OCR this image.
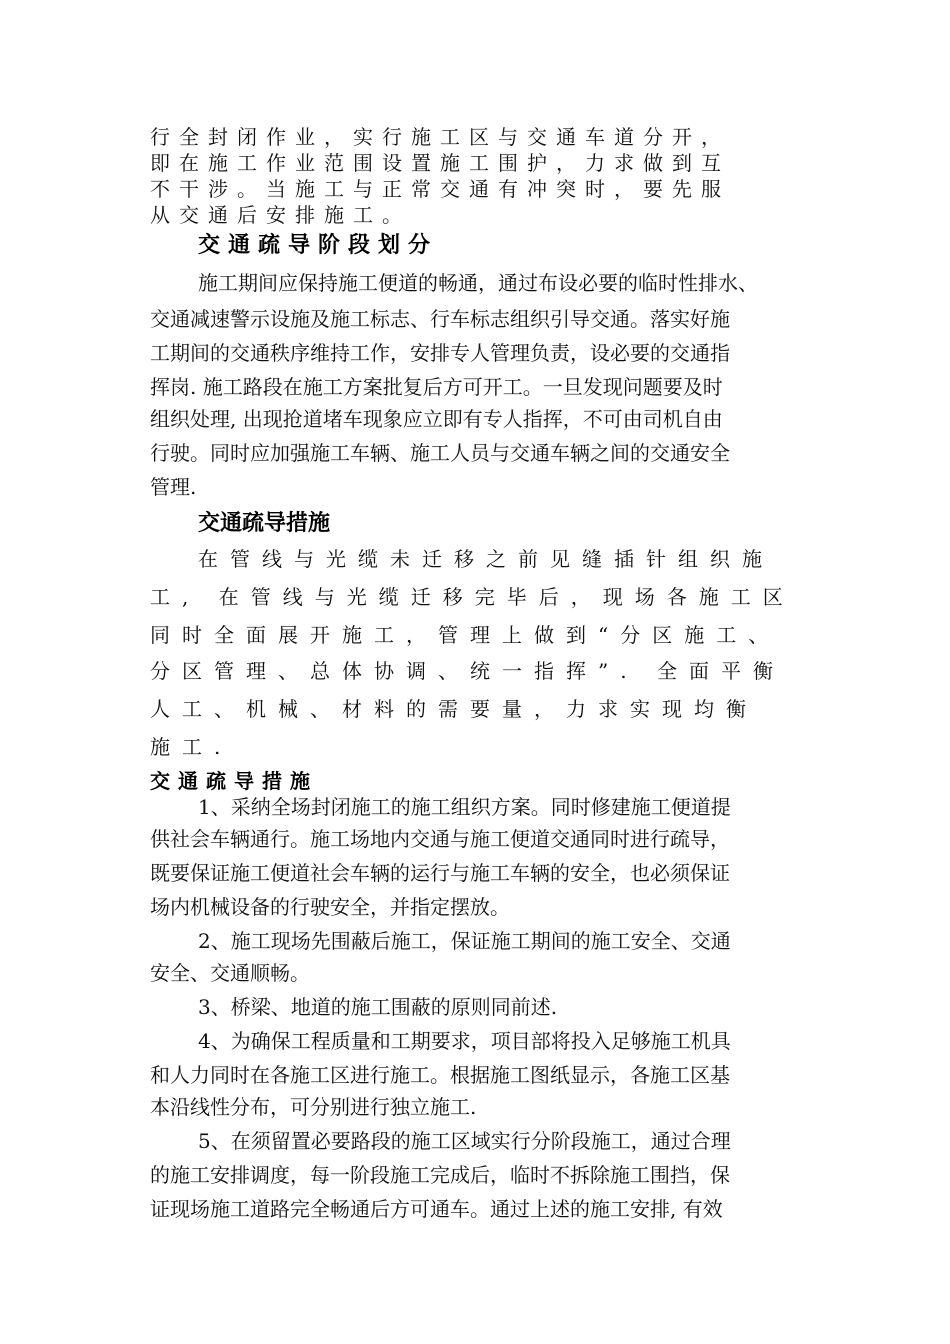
行全封闭作业，实行施工区与交通车道分开，

即在施工作业范围设置施工围护，力求做到互

不干涉。当施工与正常交通有冲突时，要先服

从交通后安排施工。

交通疏导阶段划分

施工期间应保持施工便道的畅通，通过布设必要的临时性排水、

交通减速警示设施及施工标志、行车标志组织引导交通。落实好施

工期间的交通秩序维持工作，安排专人管理负责，设必要的交通指

挥岗. 施工路段在施工方案批复后方可开工。一旦发现问题要及时

组织处理, 出现抢道堵车现象应立即有专人指挥，不可由司机自由

行驶。同时应加强施工车辆、施工人员与交通车辆之间的交通安全

管理.

交通疏导措施

在管线与光缆未迁移之前见缝插针组织施

工, 在管线与光缆迁移完毕后，现场各施工区

同时全面展开施工，管理上做到“分区施工、

分区管理、总体协调、统一指挥”. 全面平衡

人工、机械、材料的需要量，力求实现均衡

施工.

交通疏导措施

1、采纳全场封闭施工的施工组织方案。同时修建施工便道提

供社会车辆通行。施工场地内交通与施工便道交通同时进行疏导，

既要保证施工便道社会车辆的运行与施工车辆的安全，也必须保证

场内机械设备的行驶安全，并指定摆放。

2、施工现场先围蔽后施工，保证施工期间的施工安全、交通

安全、交通顺畅。

3、桥梁、地道的施工围蔽的原则同前述.

4、为确保工程质量和工期要求，项目部将投入足够施工机具

和人力同时在各施工区进行施工。根据施工图纸显示，各施工区基

本沿线性分布，可分别进行独立施工.

5、在须留置必要路段的施工区域实行分阶段施工，通过合理

的施工安排调度，每一阶段施工完成后，临时不拆除施工围挡，保

证现场施工道路完全畅通后方可通车。通过上述的施工安排, 有效
